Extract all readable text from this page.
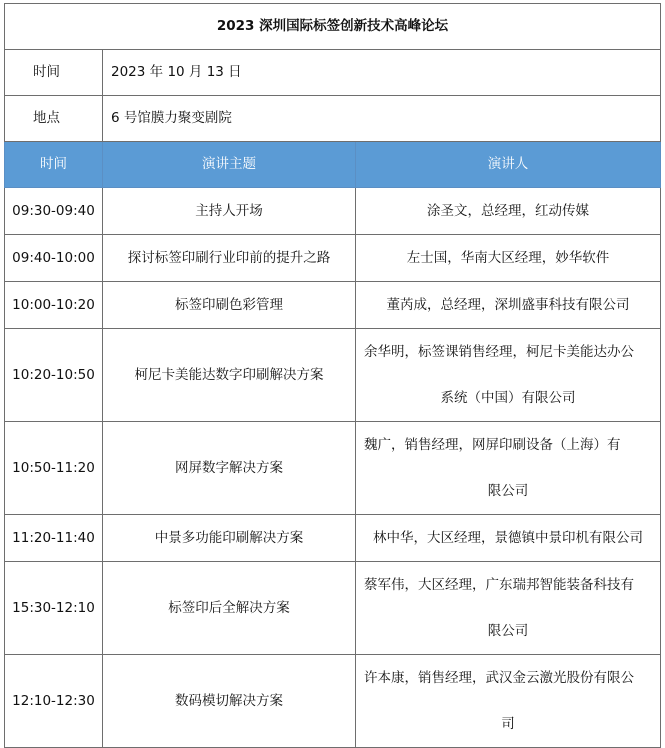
2023 深圳国际标签创新技术高峰论坛		
时间	2023 年 10 月 13 日	
地点	6 号馆膜力聚变剧院	
时间	演讲主题	演讲人
09:30-09:40	主持人开场	涂圣文，总经理，红动传媒
09:40-10:00	探讨标签印刷行业印前的提升之路	左士国，华南大区经理，妙华软件
10:00-10:20	标签印刷色彩管理	董芮成，总经理，深圳盛事科技有限公司
10:20-10:50	柯尼卡美能达数字印刷解决方案	余华明，标签课销售经理，柯尼卡美能达办公
系统（中国）有限公司

10:50-11:20	网屏数字解决方案	魏广，销售经理，网屏印刷设备（上海）有
限公司

11:20-11:40	中景多功能印刷解决方案	林中华，大区经理，景德镇中景印机有限公司
15:30-12:10	标签印后全解决方案	蔡军伟，大区经理，广东瑞邦智能装备科技有
限公司

12:10-12:30	数码模切解决方案	许本康，销售经理，武汉金云激光股份有限公
司
